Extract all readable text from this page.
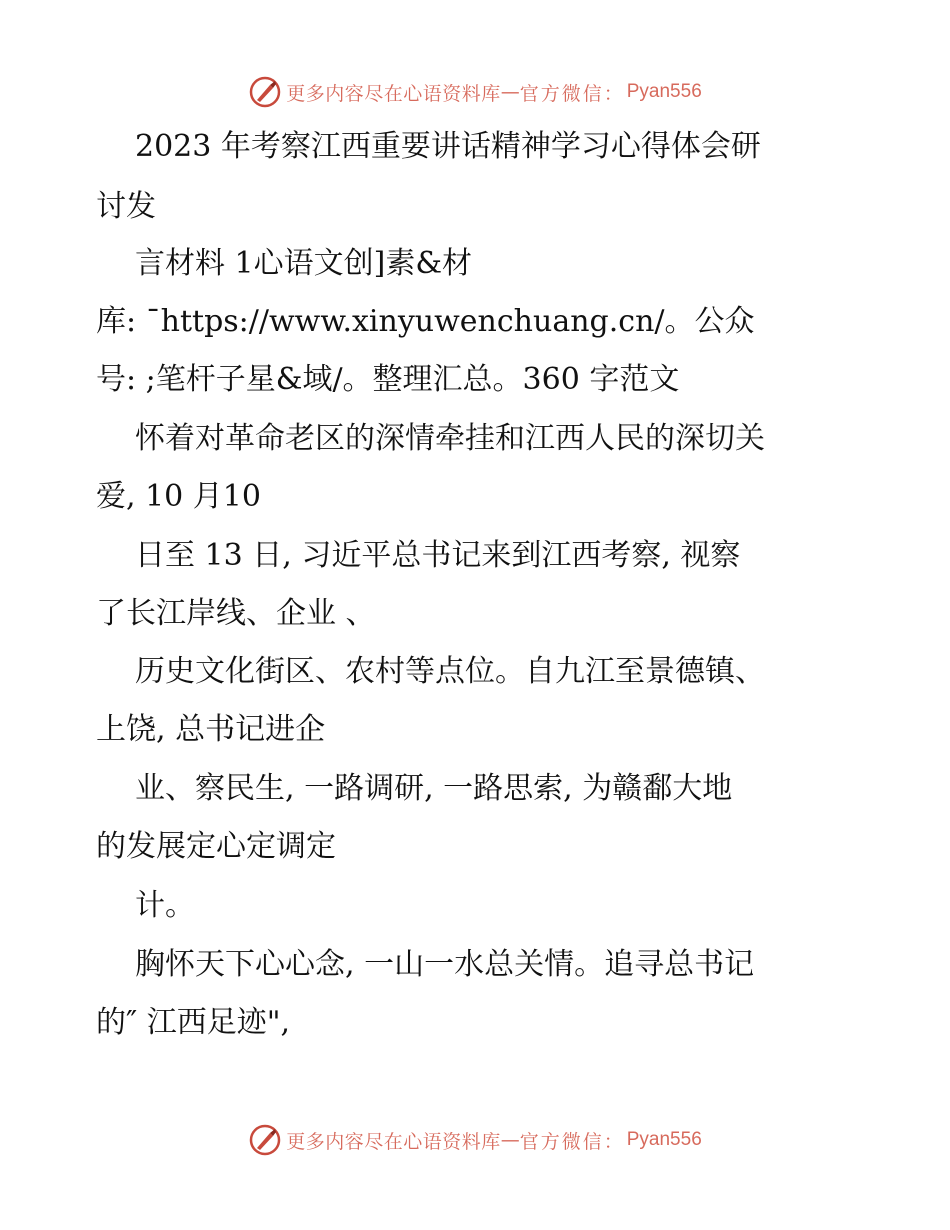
更多内容尽在心语资料库 — 官方微信： Pyan556
2023 年考察江西重要讲话精神学习心得体会研
讨发
言材料 1心语文创]素&材
库: ¯https://www.xinyuwenchuang.cn/。公众
号: ;笔杆子星&域/。整理汇总。360 字范文
怀着对革命老区的深情牵挂和江西人民的深切关
爱, 10 月10
日至 13 日, 习近平总书记来到江西考察, 视察
了长江岸线、企业 、
历史文化街区、农村等点位。自九江至景德镇、
上饶, 总书记进企
业、察民生, 一路调研, 一路思索, 为赣鄱大地
的发展定心定调定
计。
胸怀天下心心念, 一山一水总关情。追寻总书记
的″ 江西足迹",
更多内容尽在心语资料库 — 官方微信： Pyan556
